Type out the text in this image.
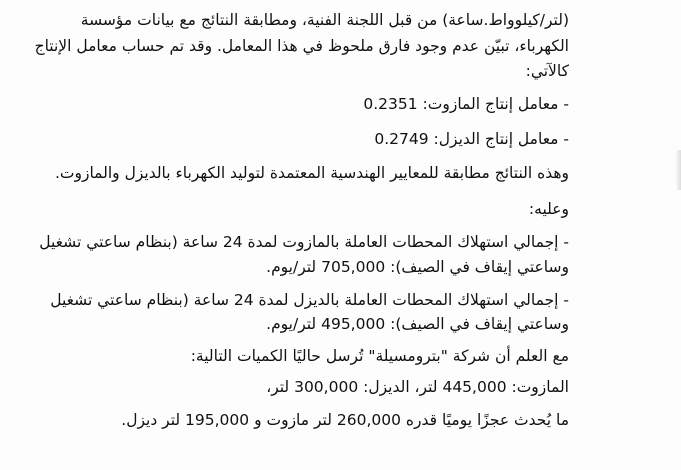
(لتر/كيلوواط.ساعة) من قبل اللجنة الفنية، ومطابقة النتائج مع بيانات مؤسسة
الكهرباء، تبيّن عدم وجود فارق ملحوظ في هذا المعامل. وقد تم حساب معامل الإنتاج
كالآتي:
- معامل إنتاج المازوت: 0.2351
- معامل إنتاج الديزل: 0.2749
وهذه النتائج مطابقة للمعايير الهندسية المعتمدة لتوليد الكهرباء بالديزل والمازوت.
وعليه:
- إجمالي استهلاك المحطات العاملة بالمازوت لمدة 24 ساعة (بنظام ساعتي تشغيل
وساعتي إيقاف في الصيف): 705,000 لتر/يوم.
- إجمالي استهلاك المحطات العاملة بالديزل لمدة 24 ساعة (بنظام ساعتي تشغيل
وساعتي إيقاف في الصيف): 495,000 لتر/يوم.
مع العلم أن شركة "بترومسيلة" تُرسل حاليًا الكميات التالية:
المازوت: 445,000 لتر، الديزل: 300,000 لتر،
ما يُحدث عجزًا يوميًا قدره 260,000 لتر مازوت و 195,000 لتر ديزل.
